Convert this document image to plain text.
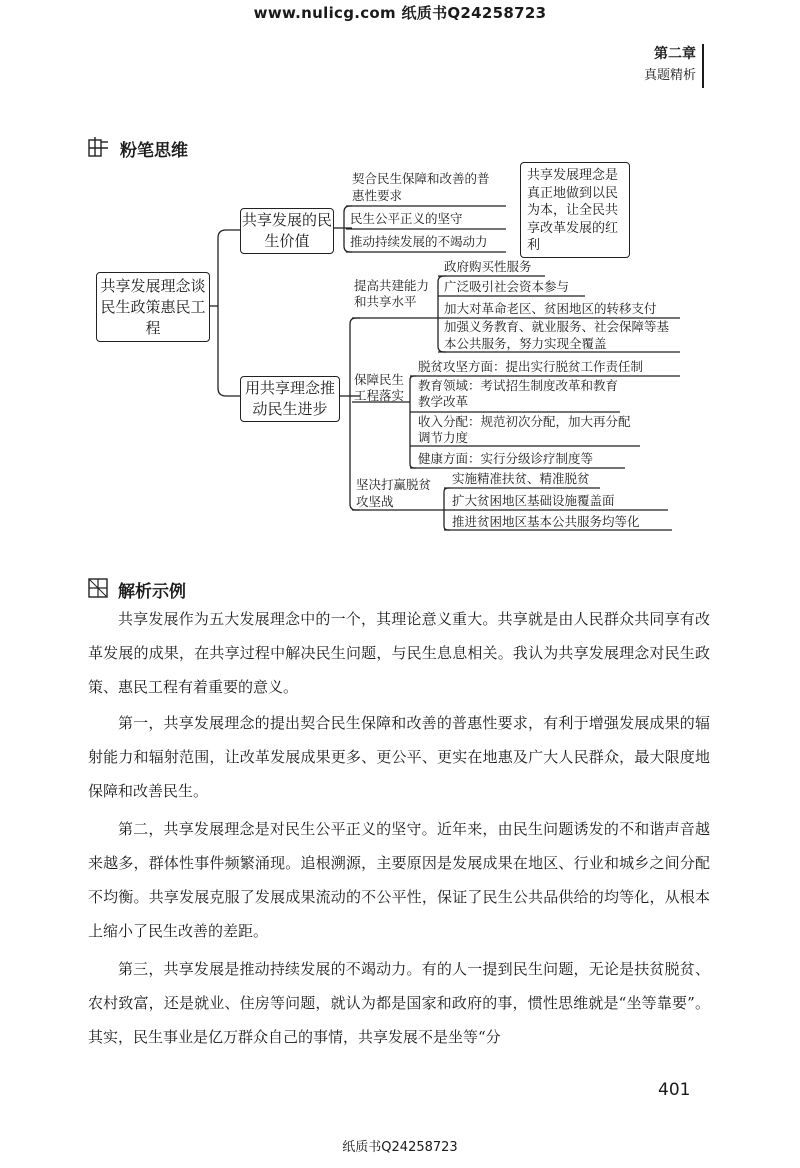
www.nulicg.com 纸质书Q24258723
第二章
真题精析
粉笔思维
共享发展理念谈民生政策惠民工程
共享发展的民生价值
契合民生保障和改善的普惠性要求
民生公平正义的坚守
推动持续发展的不竭动力
共享发展理念是真正地做到以民为本，让全民共享改革发展的红利
用共享理念推动民生进步
提高共建能力和共享水平
政府购买性服务
广泛吸引社会资本参与
加大对革命老区、贫困地区的转移支付
加强义务教育、就业服务、社会保障等基本公共服务，努力实现全覆盖
保障民生工程落实
脱贫攻坚方面：提出实行脱贫工作责任制
教育领域：考试招生制度改革和教育教学改革
收入分配：规范初次分配，加大再分配调节力度
健康方面：实行分级诊疗制度等
坚决打赢脱贫攻坚战
实施精准扶贫、精准脱贫
扩大贫困地区基础设施覆盖面
推进贫困地区基本公共服务均等化
解析示例
共享发展作为五大发展理念中的一个，其理论意义重大。共享就是由人民群众共同享有改革发展的成果，在共享过程中解决民生问题，与民生息息相关。我认为共享发展理念对民生政策、惠民工程有着重要的意义。
第一，共享发展理念的提出契合民生保障和改善的普惠性要求，有利于增强发展成果的辐射能力和辐射范围，让改革发展成果更多、更公平、更实在地惠及广大人民群众，最大限度地保障和改善民生。
第二，共享发展理念是对民生公平正义的坚守。近年来，由民生问题诱发的不和谐声音越来越多，群体性事件频繁涌现。追根溯源，主要原因是发展成果在地区、行业和城乡之间分配不均衡。共享发展克服了发展成果流动的不公平性，保证了民生公共品供给的均等化，从根本上缩小了民生改善的差距。
第三，共享发展是推动持续发展的不竭动力。有的人一提到民生问题，无论是扶贫脱贫、农村致富，还是就业、住房等问题，就认为都是国家和政府的事，惯性思维就是“坐等靠要”。其实，民生事业是亿万群众自己的事情，共享发展不是坐等“分
401
纸质书Q24258723
